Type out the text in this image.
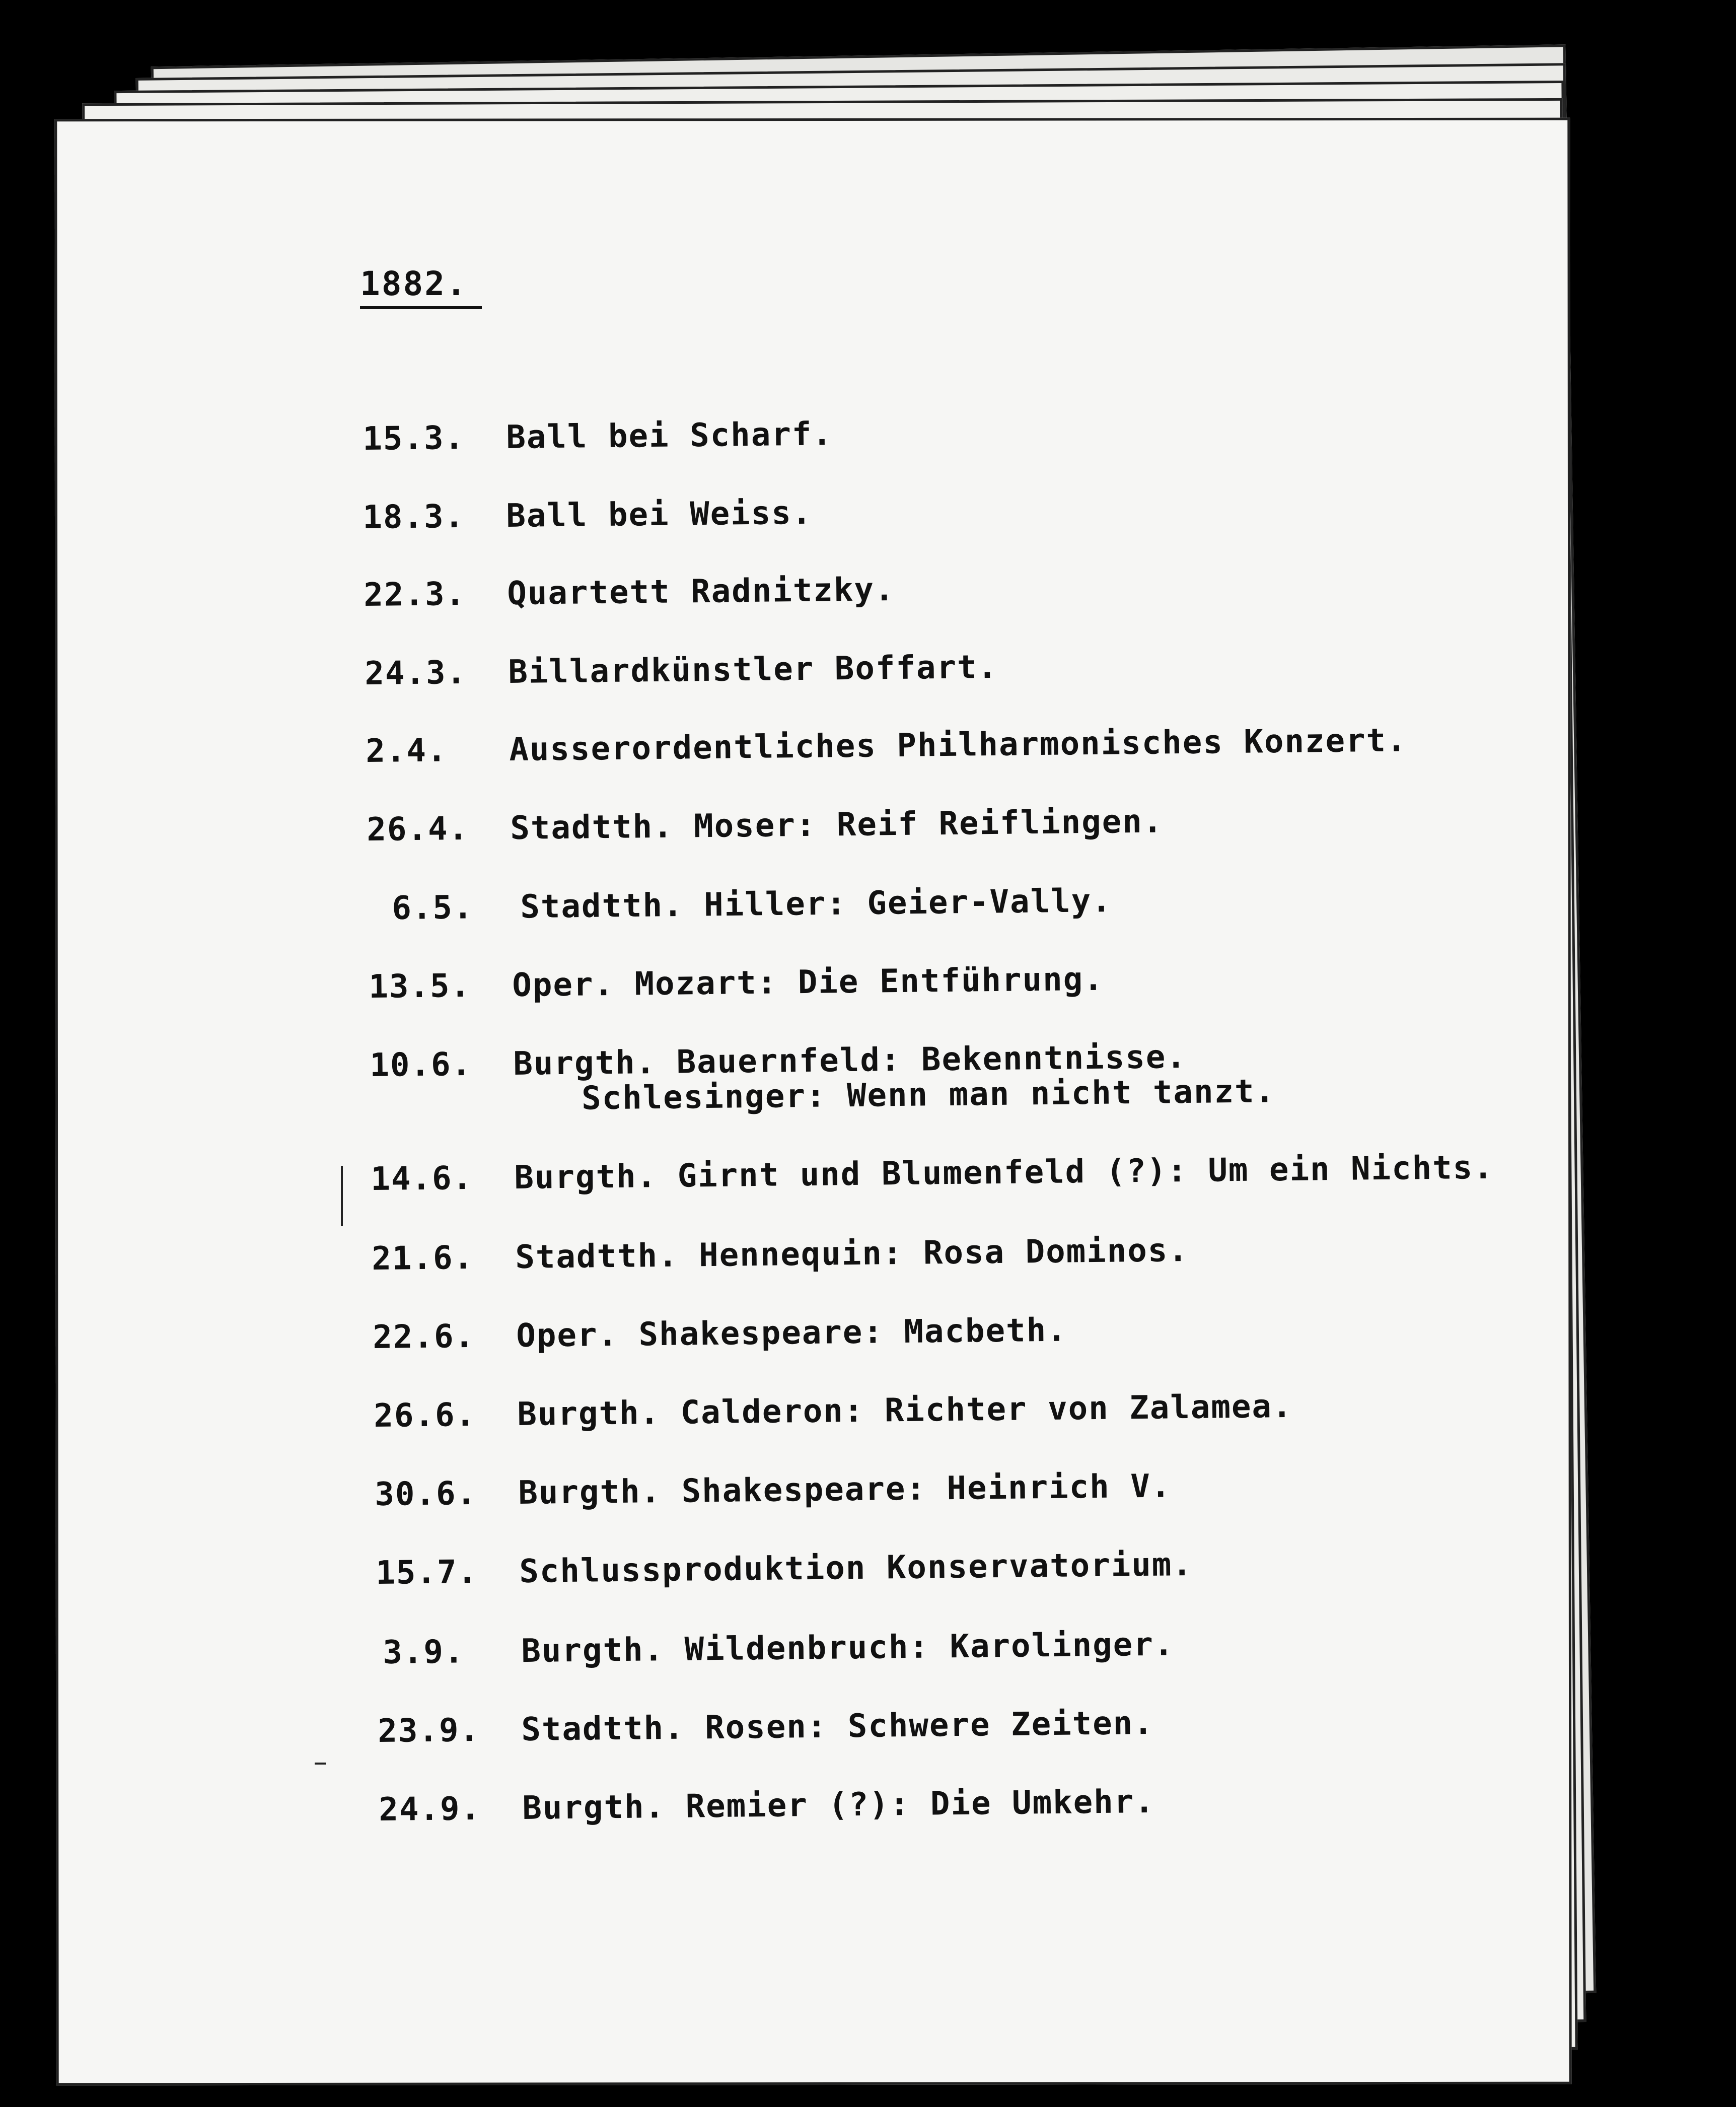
1882.
15.3. Ball bei Scharf.
18.3. Ball bei Weiss.
22.3. Quartett Radnitzky.
24.3. Billardkünstler Boffart.
2.4. Ausserordentliches Philharmonisches Konzert.
26.4. Stadtth. Moser: Reif Reiflingen.
6.5. Stadtth. Hiller: Geier-Vally.
13.5. Oper. Mozart: Die Entführung.
10.6. Burgth. Bauernfeld: Bekenntnisse.
Schlesinger: Wenn man nicht tanzt.
14.6. Burgth. Girnt und Blumenfeld (?): Um ein Nichts.
21.6. Stadtth. Hennequin: Rosa Dominos.
22.6. Oper. Shakespeare: Macbeth.
26.6. Burgth. Calderon: Richter von Zalamea.
30.6. Burgth. Shakespeare: Heinrich V.
15.7. Schlussproduktion Konservatorium.
3.9. Burgth. Wildenbruch: Karolinger.
23.9. Stadtth. Rosen: Schwere Zeiten.
24.9. Burgth. Remier (?): Die Umkehr.
